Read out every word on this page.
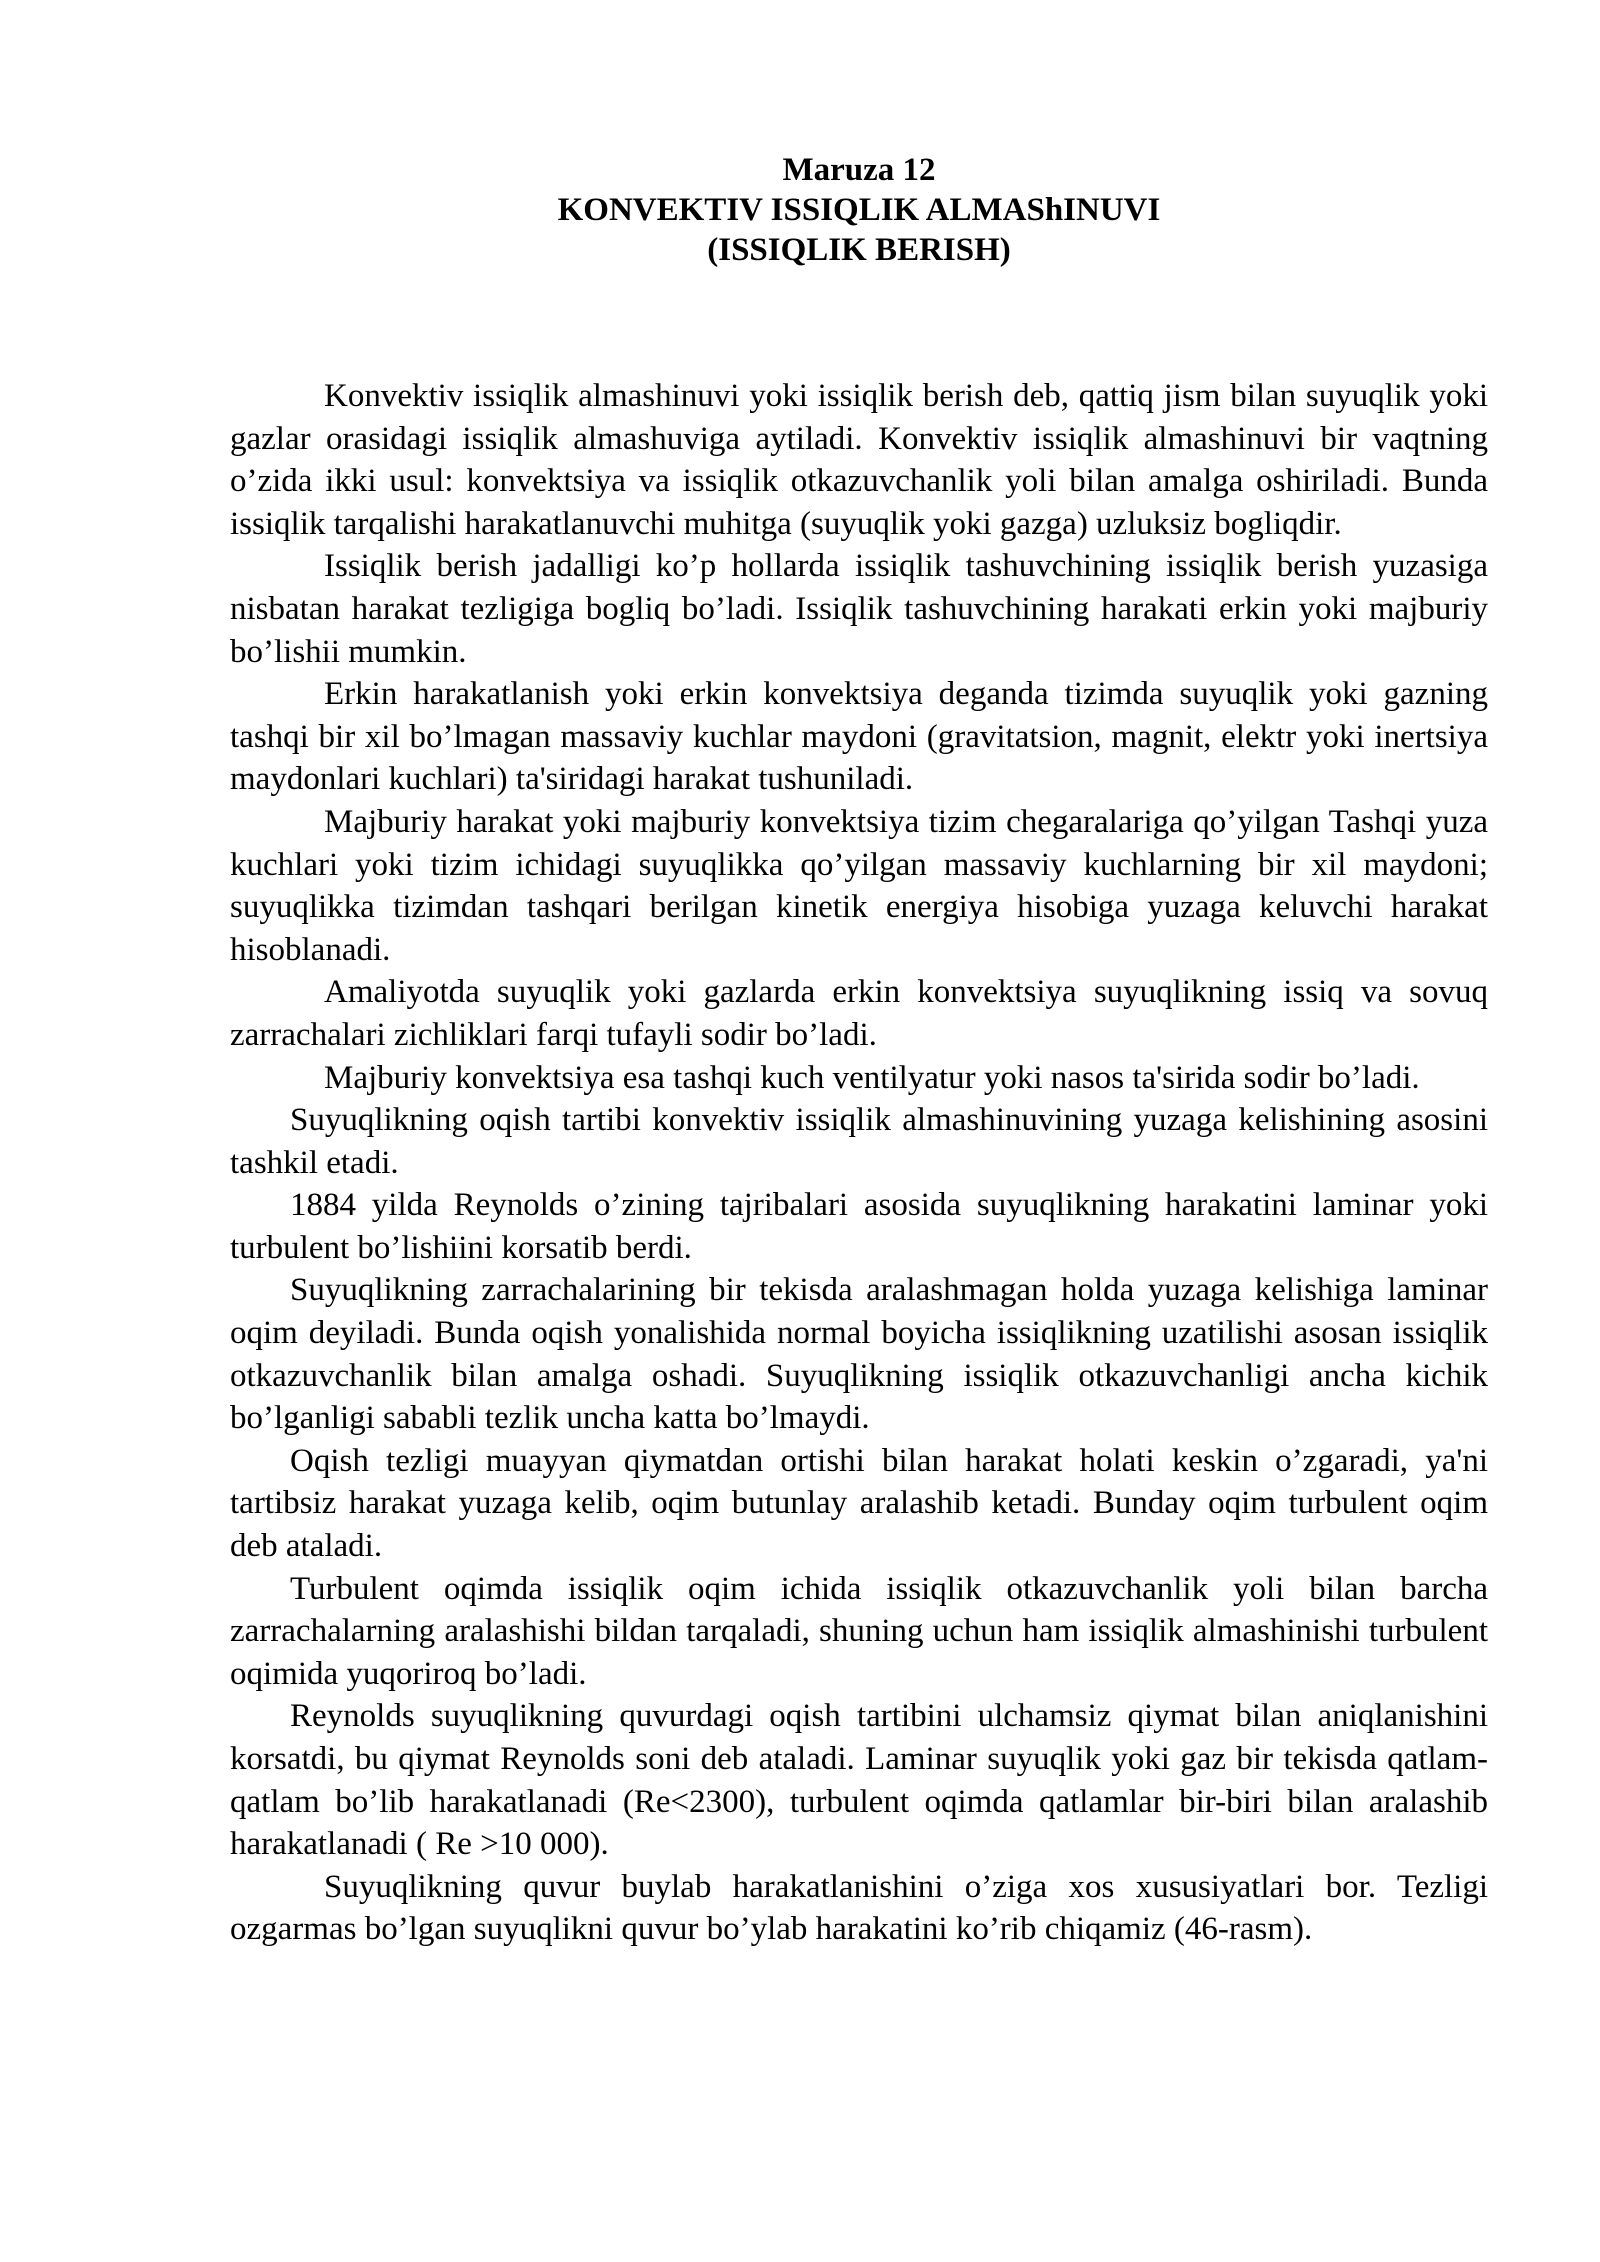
Maruza 12
KONVEKTIV ISSIQLIK ALMAShINUVI
(ISSIQLIK BERISH)

Konvektiv issiqlik almashinuvi yoki issiqlik berish deb, qattiq jism bilan suyuqlik yoki gazlar orasidagi issiqlik almashuviga aytiladi. Konvektiv issiqlik almashinuvi bir vaqtning o’zida ikki usul: konvektsiya va issiqlik otkazuvchanlik yoli bilan amalga oshiriladi. Bunda issiqlik tarqalishi harakatlanuvchi muhitga (suyuqlik yoki gazga) uzluksiz bogliqdir.

Issiqlik berish jadalligi ko’p hollarda issiqlik tashuvchining issiqlik berish yuzasiga nisbatan harakat tezligiga bogliq bo’ladi. Issiqlik tashuvchining harakati erkin yoki majburiy bo’lishii mumkin.

Erkin harakatlanish yoki erkin konvektsiya deganda tizimda suyuqlik yoki gazning tashqi bir xil bo’lmagan massaviy kuchlar maydoni (gravitatsion, magnit, elektr yoki inertsiya maydonlari kuchlari) ta'siridagi harakat tushuniladi.

Majburiy harakat yoki majburiy konvektsiya tizim chegaralariga qo’yilgan Tashqi yuza kuchlari yoki tizim ichidagi suyuqlikka qo’yilgan massaviy kuchlarning bir xil maydoni; suyuqlikka tizimdan tashqari berilgan kinetik energiya hisobiga yuzaga keluvchi harakat hisoblanadi.

Amaliyotda suyuqlik yoki gazlarda erkin konvektsiya suyuqlikning issiq va sovuq zarrachalari zichliklari farqi tufayli sodir bo’ladi.

Majburiy konvektsiya esa tashqi kuch ventilyatur yoki nasos ta'sirida sodir bo’ladi.

Suyuqlikning oqish tartibi konvektiv issiqlik almashinuvining yuzaga kelishining asosini tashkil etadi.

1884 yilda Reynolds o’zining tajribalari asosida suyuqlikning harakatini laminar yoki turbulent bo’lishiini korsatib berdi.

Suyuqlikning zarrachalarining bir tekisda aralashmagan holda yuzaga kelishiga laminar oqim deyiladi. Bunda oqish yonalishida normal boyicha issiqlikning uzatilishi asosan issiqlik otkazuvchanlik bilan amalga oshadi. Suyuqlikning issiqlik otkazuvchanligi ancha kichik bo’lganligi sababli tezlik uncha katta bo’lmaydi.

Oqish tezligi muayyan qiymatdan ortishi bilan harakat holati keskin o’zgaradi, ya'ni tartibsiz harakat yuzaga kelib, oqim butunlay aralashib ketadi. Bunday oqim turbulent oqim deb ataladi.

Turbulent oqimda issiqlik oqim ichida issiqlik otkazuvchanlik yoli bilan barcha zarrachalarning aralashishi bildan tarqaladi, shuning uchun ham issiqlik almashinishi turbulent oqimida yuqoriroq bo’ladi.

Reynolds suyuqlikning quvurdagi oqish tartibini ulchamsiz qiymat bilan aniqlanishini korsatdi, bu qiymat Reynolds soni deb ataladi. Laminar suyuqlik yoki gaz bir tekisda qatlam-qatlam bo’lib harakatlanadi (Re<2300), turbulent oqimda qatlamlar bir-biri bilan aralashib harakatlanadi ( Re >10 000).

Suyuqlikning quvur buylab harakatlanishini o’ziga xos xususiyatlari bor. Tezligi ozgarmas bo’lgan suyuqlikni quvur bo’ylab harakatini ko’rib chiqamiz (46-rasm).
